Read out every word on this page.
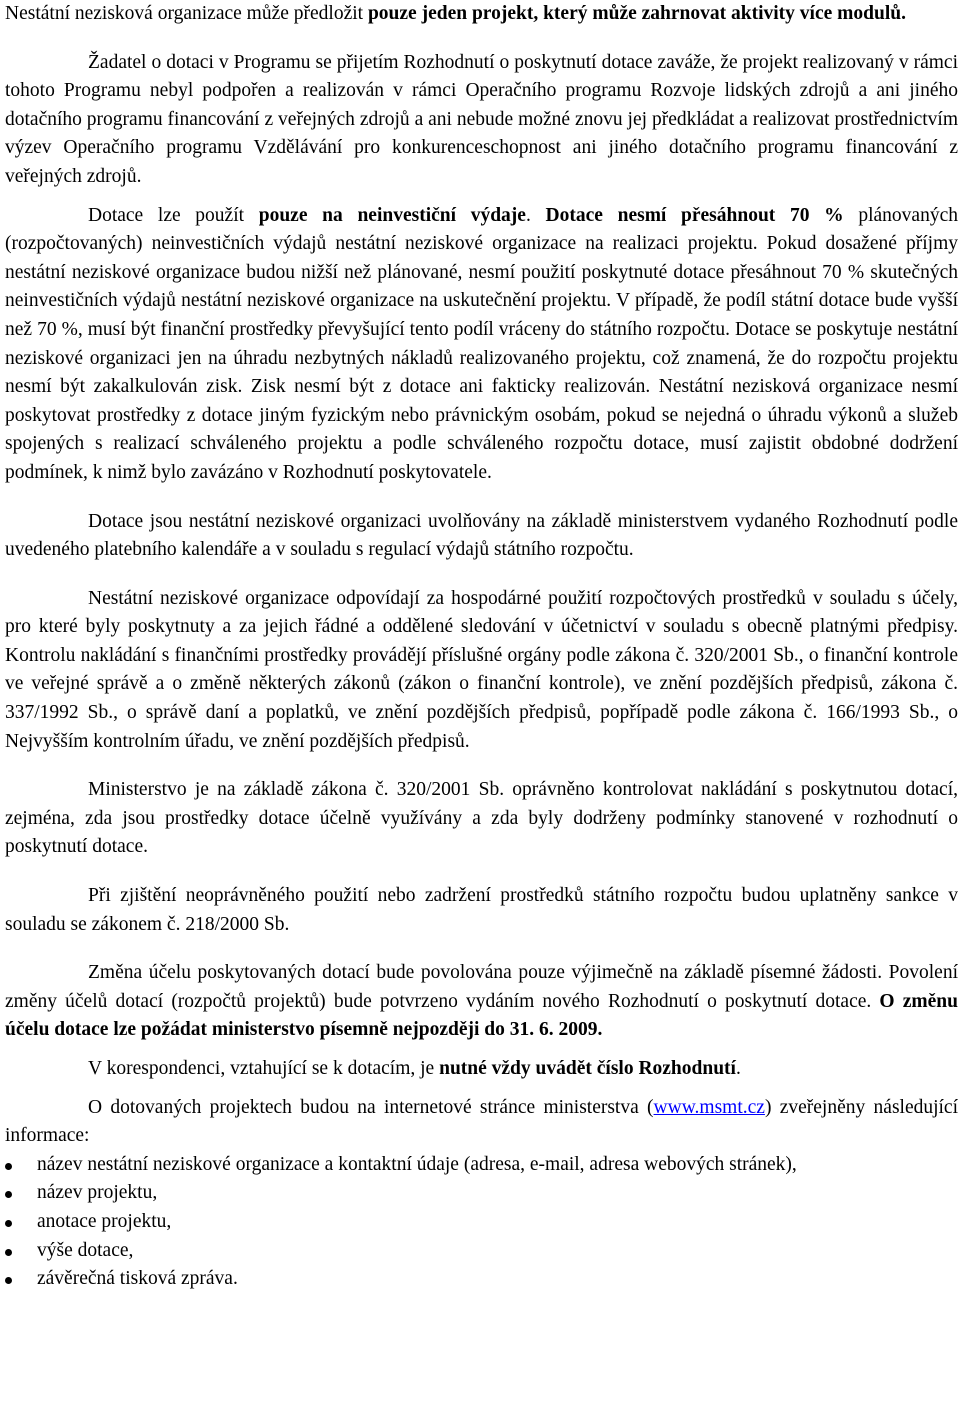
Nestátní nezisková organizace může předložit pouze jeden projekt, který může zahrnovat aktivity více modulů.

Žadatel o dotaci v Programu se přijetím Rozhodnutí o poskytnutí dotace zaváže, že projekt realizovaný v rámci tohoto Programu nebyl podpořen a realizován v rámci Operačního programu Rozvoje lidských zdrojů a ani jiného dotačního programu financování z veřejných zdrojů a ani nebude možné znovu jej předkládat a realizovat prostřednictvím výzev Operačního programu Vzdělávání pro konkurenceschopnost ani jiného dotačního programu financování z veřejných zdrojů.

Dotace lze použít pouze na neinvestiční výdaje. Dotace nesmí přesáhnout 70 % plánovaných (rozpočtovaných) neinvestičních výdajů nestátní neziskové organizace na realizaci projektu. Pokud dosažené příjmy nestátní neziskové organizace budou nižší než plánované, nesmí použití poskytnuté dotace přesáhnout 70 % skutečných neinvestičních výdajů nestátní neziskové organizace na uskutečnění projektu. V případě, že podíl státní dotace bude vyšší než 70 %, musí být finanční prostředky převyšující tento podíl vráceny do státního rozpočtu. Dotace se poskytuje nestátní neziskové organizaci jen na úhradu nezbytných nákladů realizovaného projektu, což znamená, že do rozpočtu projektu nesmí být zakalkulován zisk. Zisk nesmí být z dotace ani fakticky realizován. Nestátní nezisková organizace nesmí poskytovat prostředky z dotace jiným fyzickým nebo právnickým osobám, pokud se nejedná o úhradu výkonů a služeb spojených s realizací schváleného projektu a podle schváleného rozpočtu dotace, musí zajistit obdobné dodržení podmínek, k nimž bylo zavázáno v Rozhodnutí poskytovatele.

Dotace jsou nestátní neziskové organizaci uvolňovány na základě ministerstvem vydaného Rozhodnutí podle uvedeného platebního kalendáře a v souladu s regulací výdajů státního rozpočtu.

Nestátní neziskové organizace odpovídají za hospodárné použití rozpočtových prostředků v souladu s účely, pro které byly poskytnuty a za jejich řádné a oddělené sledování v účetnictví v souladu s obecně platnými předpisy. Kontrolu nakládání s finančními prostředky provádějí příslušné orgány podle zákona č. 320/2001 Sb., o finanční kontrole ve veřejné správě a o změně některých zákonů (zákon o finanční kontrole), ve znění pozdějších předpisů, zákona č. 337/1992 Sb., o správě daní a poplatků, ve znění pozdějších předpisů, popřípadě podle zákona č. 166/1993 Sb., o Nejvyšším kontrolním úřadu, ve znění pozdějších předpisů.

Ministerstvo je na základě zákona č. 320/2001 Sb. oprávněno kontrolovat nakládání s poskytnutou dotací, zejména, zda jsou prostředky dotace účelně využívány a zda byly dodrženy podmínky stanovené v rozhodnutí o poskytnutí dotace.

Při zjištění neoprávněného použití nebo zadržení prostředků státního rozpočtu budou uplatněny sankce v souladu se zákonem č. 218/2000 Sb.

Změna účelu poskytovaných dotací bude povolována pouze výjimečně na základě písemné žádosti. Povolení změny účelů dotací (rozpočtů projektů) bude potvrzeno vydáním nového Rozhodnutí o poskytnutí dotace. O změnu účelu dotace lze požádat ministerstvo písemně nejpozději do 31. 6. 2009.

V korespondenci, vztahující se k dotacím, je nutné vždy uvádět číslo Rozhodnutí.

O dotovaných projektech budou na internetové stránce ministerstva (www.msmt.cz) zveřejněny následující informace:

název nestátní neziskové organizace a kontaktní údaje (adresa, e-mail, adresa webových stránek),
název projektu,
anotace projektu,
výše dotace,
závěrečná tisková zpráva.
